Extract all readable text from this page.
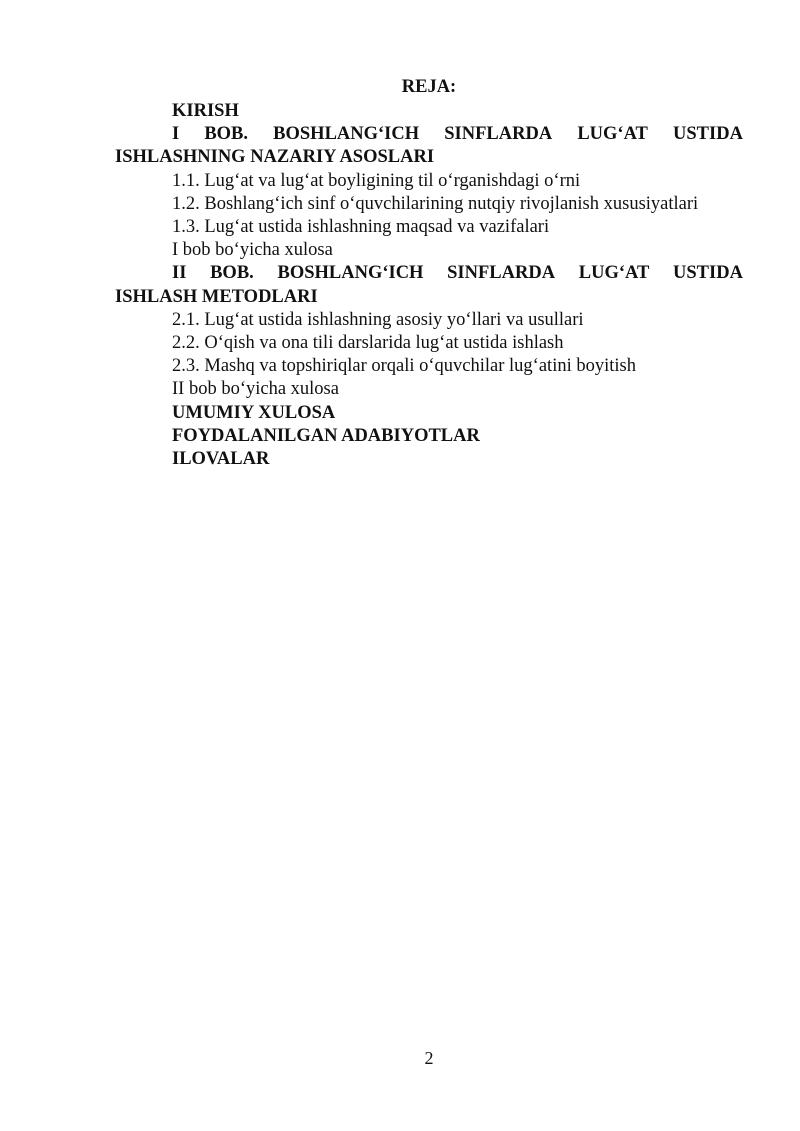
REJA:
KIRISH
I BOB. BOSHLANG‘ICH SINFLARDA LUG‘AT USTIDA
ISHLASHNING NAZARIY ASOSLARI
1.1. Lug‘at va lug‘at boyligining til o‘rganishdagi o‘rni
1.2. Boshlang‘ich sinf o‘quvchilarining nutqiy rivojlanish xususiyatlari
1.3. Lug‘at ustida ishlashning maqsad va vazifalari
I bob bo‘yicha xulosa
II BOB. BOSHLANG‘ICH SINFLARDA LUG‘AT USTIDA
ISHLASH METODLARI
2.1. Lug‘at ustida ishlashning asosiy yo‘llari va usullari
2.2. O‘qish va ona tili darslarida lug‘at ustida ishlash
2.3. Mashq va topshiriqlar orqali o‘quvchilar lug‘atini boyitish
II bob bo‘yicha xulosa
UMUMIY XULOSA
FOYDALANILGAN ADABIYOTLAR
ILOVALAR
2
